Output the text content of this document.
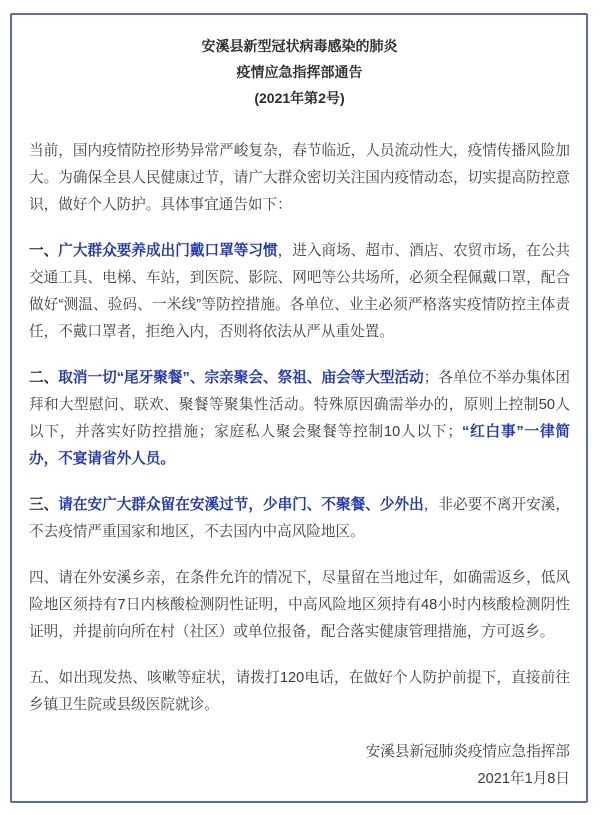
安溪县新型冠状病毒感染的肺炎
疫情应急指挥部通告
(2021年第2号)

当前，国内疫情防控形势异常严峻复杂，春节临近，人员流动性大，疫情传播风险加大。为确保全县人民健康过节，请广大群众密切关注国内疫情动态，切实提高防控意识，做好个人防护。具体事宜通告如下：

一、广大群众要养成出门戴口罩等习惯，进入商场、超市、酒店、农贸市场，在公共交通工具、电梯、车站，到医院、影院、网吧等公共场所，必须全程佩戴口罩，配合做好“测温、验码、一米线”等防控措施。各单位、业主必须严格落实疫情防控主体责任，不戴口罩者，拒绝入内，否则将依法从严从重处置。

二、取消一切“尾牙聚餐”、宗亲聚会、祭祖、庙会等大型活动；各单位不举办集体团拜和大型慰问、联欢、聚餐等聚集性活动。特殊原因确需举办的，原则上控制50人以下，并落实好防控措施；家庭私人聚会聚餐等控制10人以下；“红白事”一律简办，不宴请省外人员。

三、请在安广大群众留在安溪过节，少串门、不聚餐、少外出，非必要不离开安溪，不去疫情严重国家和地区，不去国内中高风险地区。

四、请在外安溪乡亲，在条件允许的情况下，尽量留在当地过年，如确需返乡，低风险地区须持有7日内核酸检测阴性证明，中高风险地区须持有48小时内核酸检测阴性证明，并提前向所在村（社区）或单位报备，配合落实健康管理措施，方可返乡。

五、如出现发热、咳嗽等症状，请拨打120电话，在做好个人防护前提下，直接前往乡镇卫生院或县级医院就诊。

安溪县新冠肺炎疫情应急指挥部
2021年1月8日
